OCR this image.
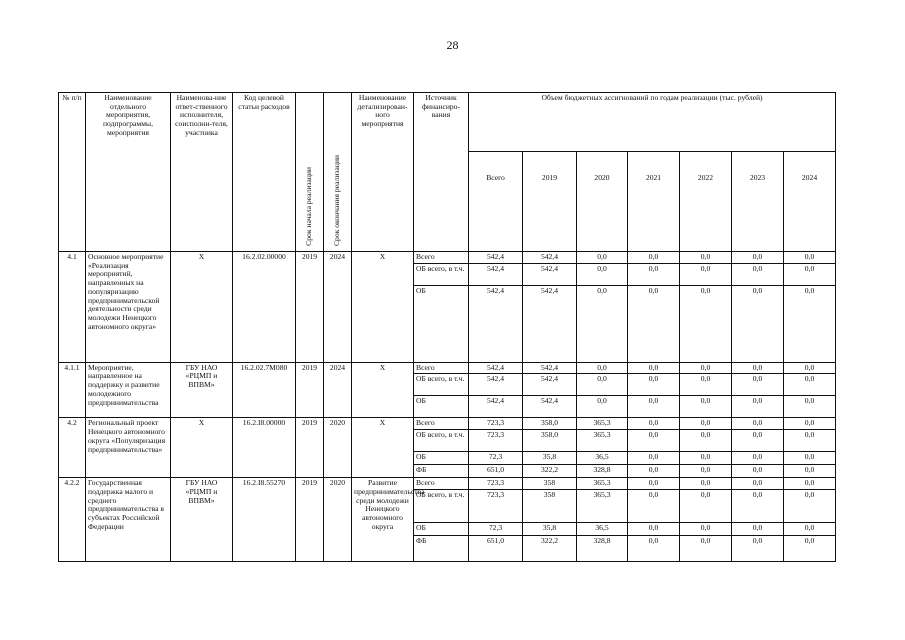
28
№ п/п	Наименование отдельного мероприятия, подпрограммы, мероприятия	Наименова-ние ответ-ственного исполнителя, соисполни-теля, участника	Код целевой статьи расходов	Срок начала реализации	Срок окончания реализации	Наименование детализирован-ного мероприятия	Источник финансиро-вания	Объем бюджетных ассигнований по годам реализации (тыс. рублей)						
								Всего	2019	2020	2021	2022	2023	2024
4.1	Основное мероприятие «Реализация мероприятий, направленных на популяризацию предпринимательской деятельности среди молодежи Ненецкого автономного округа»	X	16.2.02.00000	2019	2024	X	Всего	542,4	542,4	0,0	0,0	0,0	0,0	0,0
							ОБ всего, в т.ч.	542,4	542,4	0,0	0,0	0,0	0,0	0,0
							ОБ	542,4	542,4	0,0	0,0	0,0	0,0	0,0
4.1.1	Мероприятие, направленное на поддержку и развитие молодежного предпринимательства	ГБУ НАО «РЦМП и ВПВМ»	16.2.02.7М080	2019	2024	X	Всего	542,4	542,4	0,0	0,0	0,0	0,0	0,0
							ОБ всего, в т.ч.	542,4	542,4	0,0	0,0	0,0	0,0	0,0
							ОБ	542,4	542,4	0,0	0,0	0,0	0,0	0,0
4.2	Региональный проект Ненецкого автономного округа «Популяризация предпринимательства»	X	16.2.I8.00000	2019	2020	X	Всего	723,3	358,0	365,3	0,0	0,0	0,0	0,0
							ОБ всего, в т.ч.	723,3	358,0	365,3	0,0	0,0	0,0	0,0
							ОБ	72,3	35,8	36,5	0,0	0,0	0,0	0,0
							ФБ	651,0	322,2	328,8	0,0	0,0	0,0	0,0
4.2.2	Государственная поддержка малого и среднего предпринимательства в субъектах Российской Федерации	ГБУ НАО «РЦМП и ВПВМ»	16.2.I8.55270	2019	2020	Развитие предпринимательства среди молодежи Ненецкого автономного округа	Всего	723,3	358	365,3	0,0	0,0	0,0	0,0
							ОБ всего, в т.ч.	723,3	358	365,3	0,0	0,0	0,0	0,0
							ОБ	72,3	35,8	36,5	0,0	0,0	0,0	0,0
							ФБ	651,0	322,2	328,8	0,0	0,0	0,0	0,0
